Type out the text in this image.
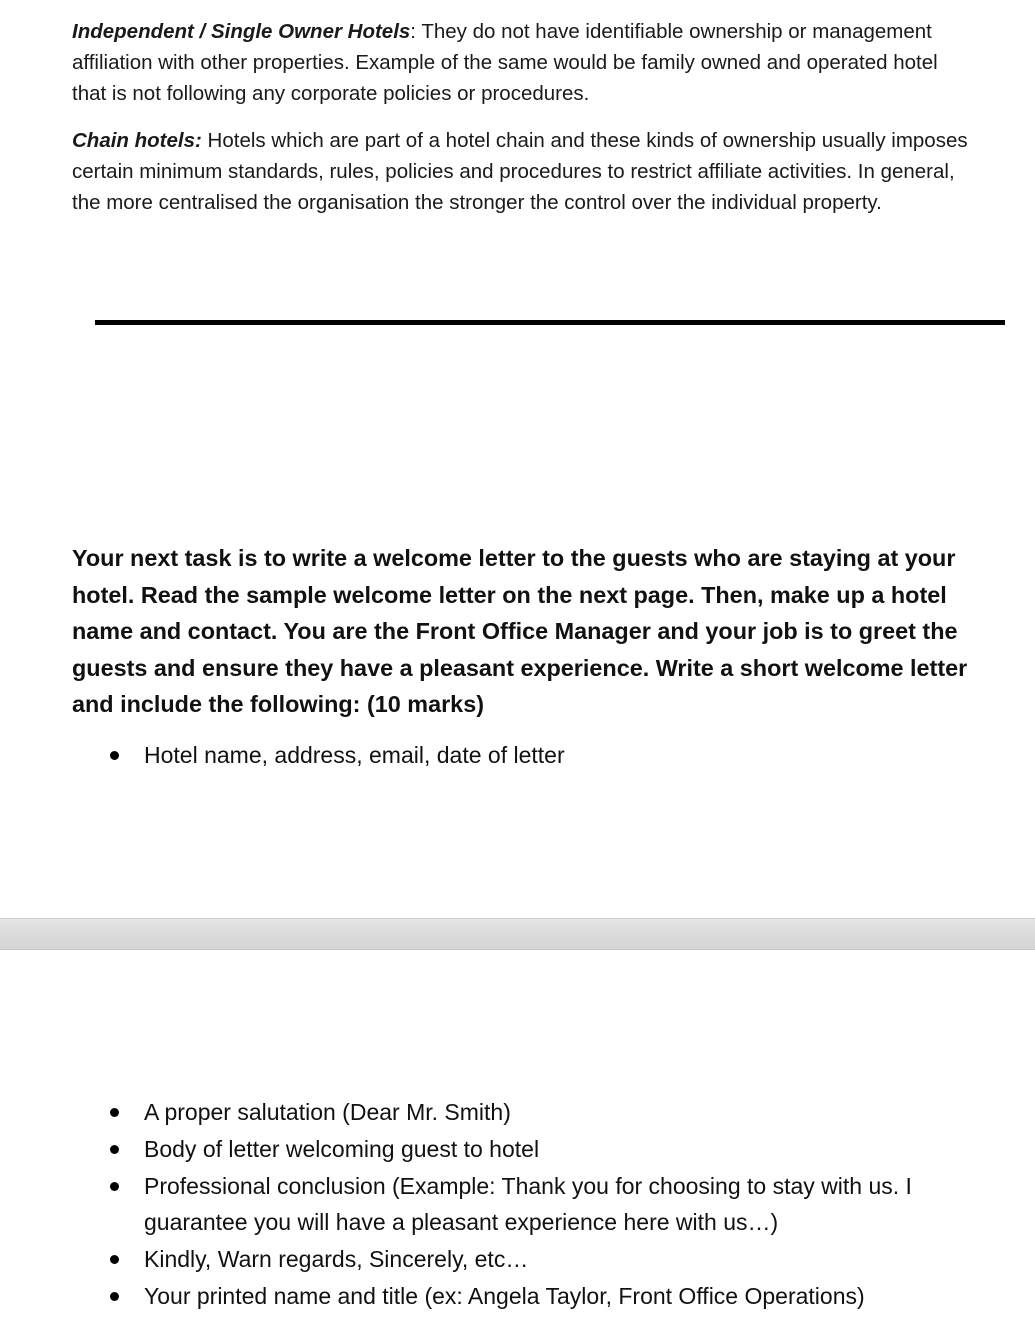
Independent / Single Owner Hotels: They do not have identifiable ownership or management affiliation with other properties. Example of the same would be family owned and operated hotel that is not following any corporate policies or procedures.

Chain hotels: Hotels which are part of a hotel chain and these kinds of ownership usually imposes certain minimum standards, rules, policies and procedures to restrict affiliate activities. In general, the more centralised the organisation the stronger the control over the individual property.

Your next task is to write a welcome letter to the guests who are staying at your hotel. Read the sample welcome letter on the next page. Then, make up a hotel name and contact. You are the Front Office Manager and your job is to greet the guests and ensure they have a pleasant experience. Write a short welcome letter and include the following: (10 marks)

Hotel name, address, email, date of letter
A proper salutation (Dear Mr. Smith)
Body of letter welcoming guest to hotel
Professional conclusion (Example: Thank you for choosing to stay with us. I guarantee you will have a pleasant experience here with us…)
Kindly, Warn regards, Sincerely, etc…
Your printed name and title (ex: Angela Taylor, Front Office Operations)
